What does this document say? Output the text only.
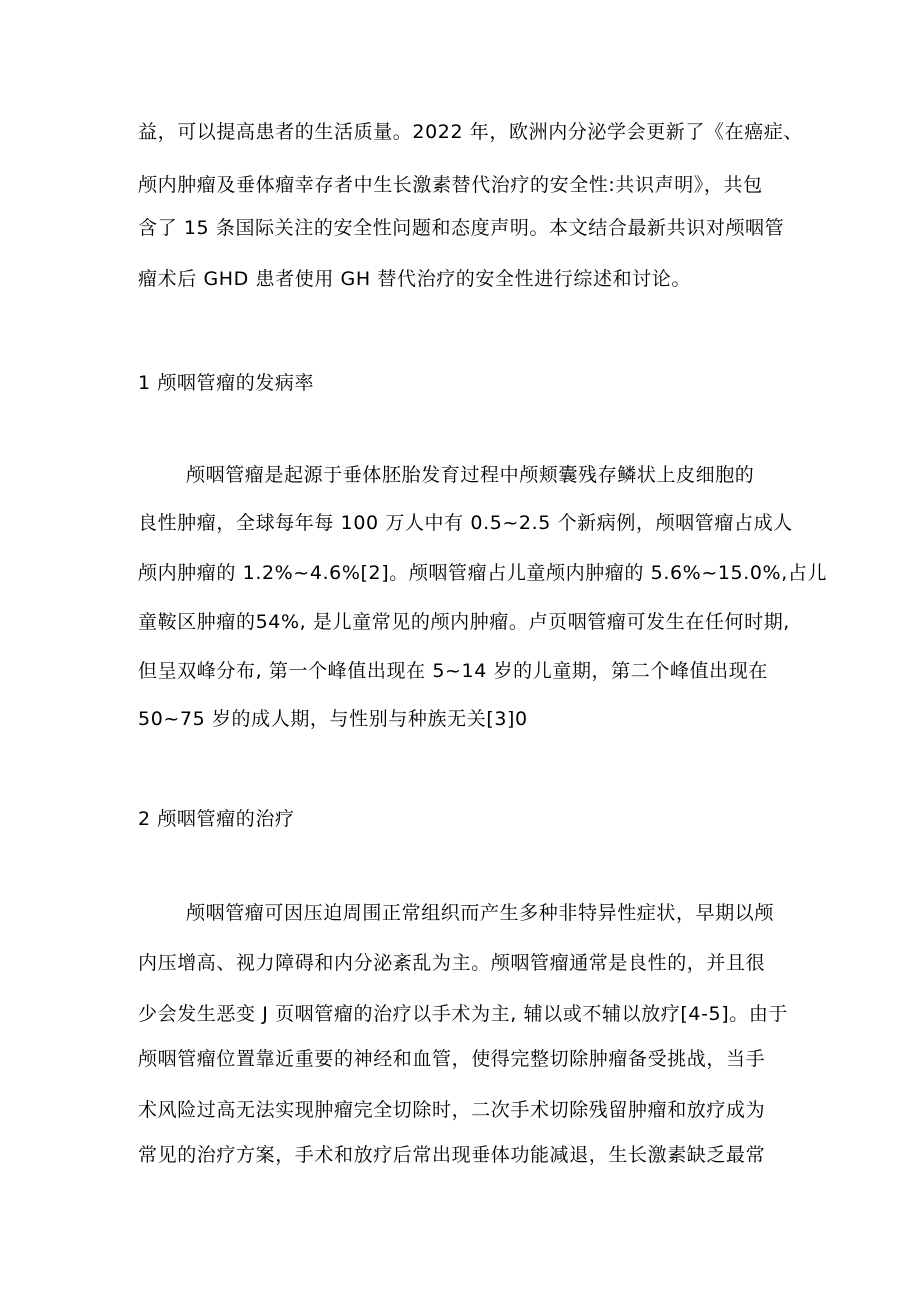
益，可以提高患者的生活质量。2022 年，欧洲内分泌学会更新了《在癌症、
颅内肿瘤及垂体瘤幸存者中生长激素替代治疗的安全性:共识声明》，共包
含了 15 条国际关注的安全性问题和态度声明。本文结合最新共识对颅咽管
瘤术后 GHD 患者使用 GH 替代治疗的安全性进行综述和讨论。
1 颅咽管瘤的发病率
颅咽管瘤是起源于垂体胚胎发育过程中颅颊囊残存鳞状上皮细胞的
良性肿瘤，全球每年每 100 万人中有 0.5~2.5 个新病例，颅咽管瘤占成人
颅内肿瘤的 1.2%~4.6%[2]。颅咽管瘤占儿童颅内肿瘤的 5.6%~15.0%,占儿
童鞍区肿瘤的54%, 是儿童常见的颅内肿瘤。卢页咽管瘤可发生在任何时期,
但呈双峰分布, 第一个峰值出现在 5~14 岁的儿童期，第二个峰值出现在
50~75 岁的成人期，与性别与种族无关[3]0
2 颅咽管瘤的治疗
颅咽管瘤可因压迫周围正常组织而产生多种非特异性症状，早期以颅
内压增高、视力障碍和内分泌紊乱为主。颅咽管瘤通常是良性的，并且很
少会发生恶变 J 页咽管瘤的治疗以手术为主, 辅以或不辅以放疗[4-5]。由于
颅咽管瘤位置靠近重要的神经和血管，使得完整切除肿瘤备受挑战，当手
术风险过高无法实现肿瘤完全切除时，二次手术切除残留肿瘤和放疗成为
常见的治疗方案，手术和放疗后常出现垂体功能减退，生长激素缺乏最常
